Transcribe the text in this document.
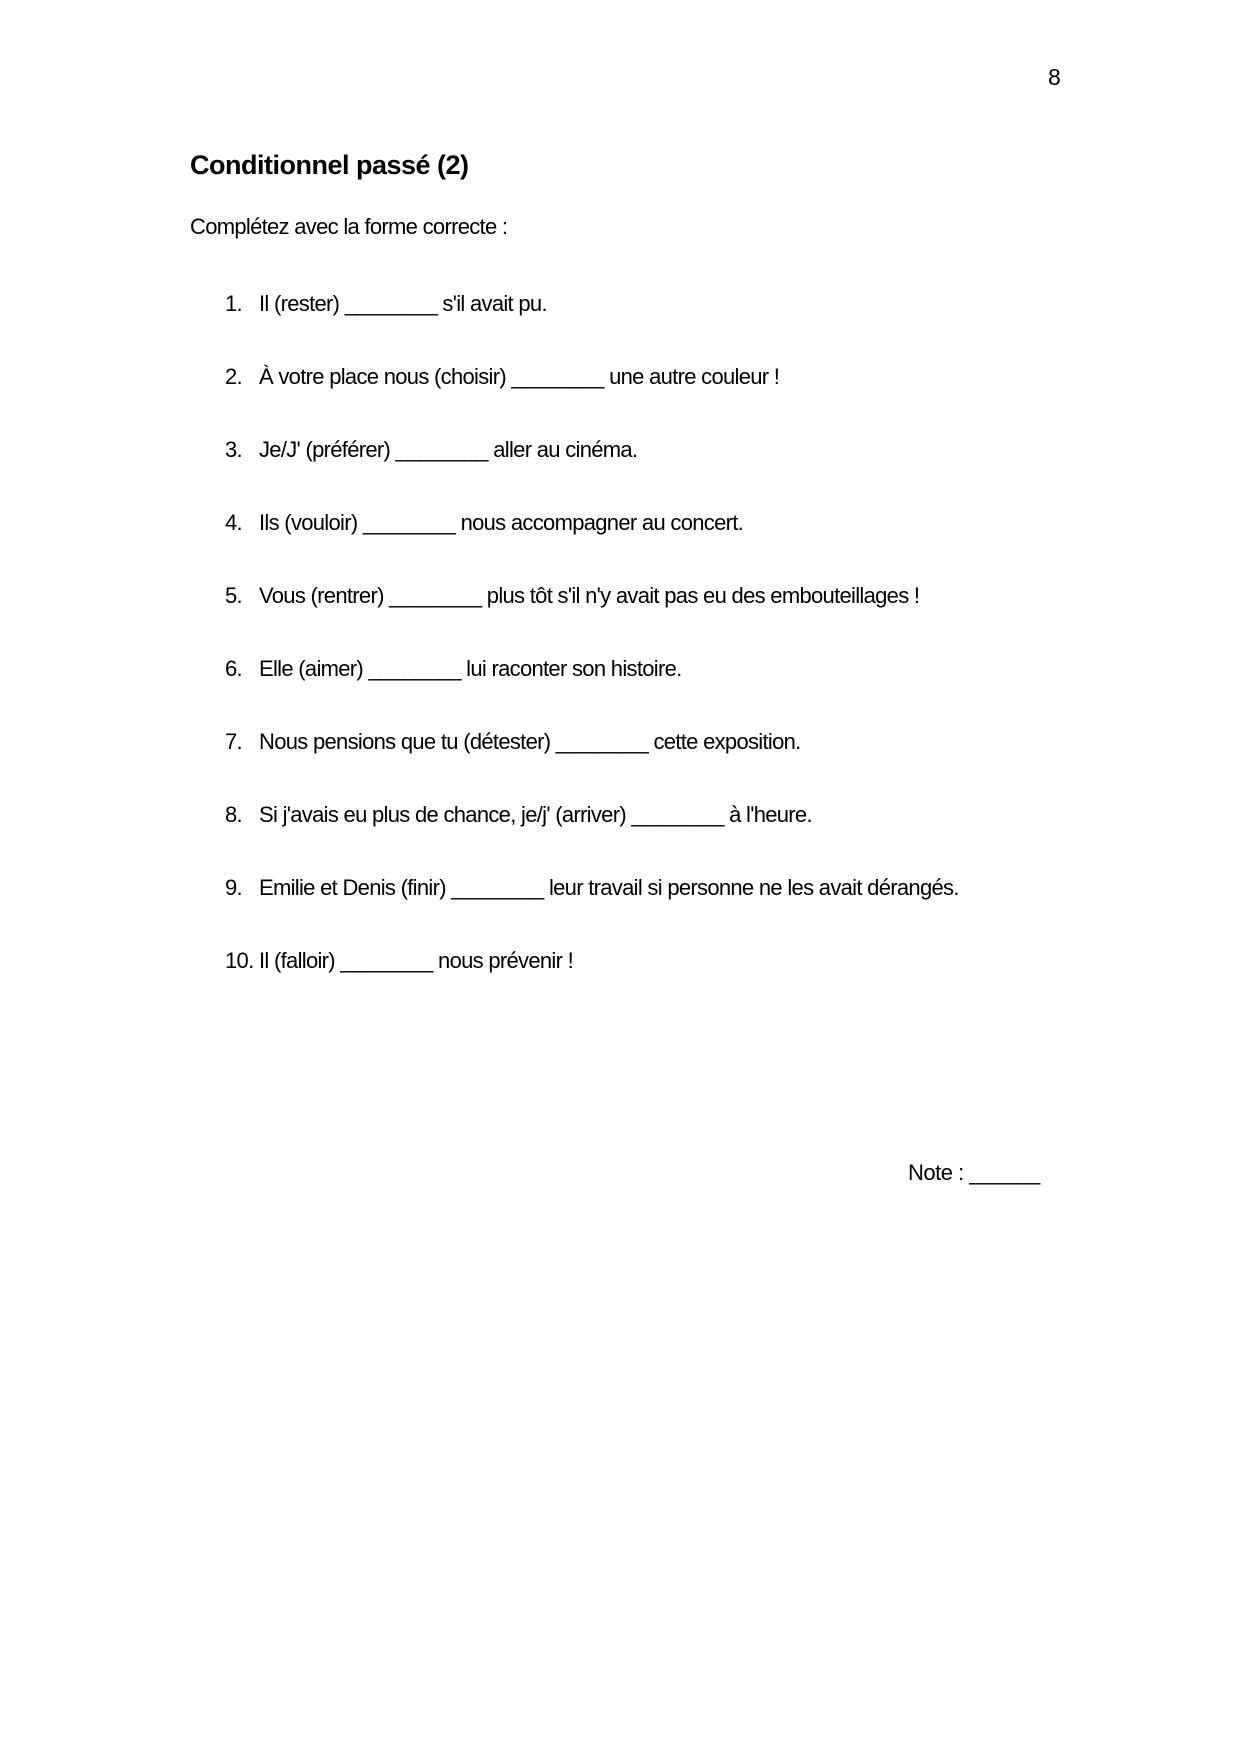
8
Conditionnel passé (2)
Complétez avec la forme correcte :
1. Il (rester) ________ s'il avait pu.
2. À votre place nous (choisir) ________ une autre couleur !
3. Je/J' (préférer) ________ aller au cinéma.
4. Ils (vouloir) ________ nous accompagner au concert.
5. Vous (rentrer) ________ plus tôt s'il n'y avait pas eu des embouteillages !
6. Elle (aimer) ________ lui raconter son histoire.
7. Nous pensions que tu (détester) ________ cette exposition.
8. Si j'avais eu plus de chance, je/j' (arriver) ________ à l'heure.
9. Emilie et Denis (finir) ________ leur travail si personne ne les avait dérangés.
10. Il (falloir) ________ nous prévenir !
Note : ______
